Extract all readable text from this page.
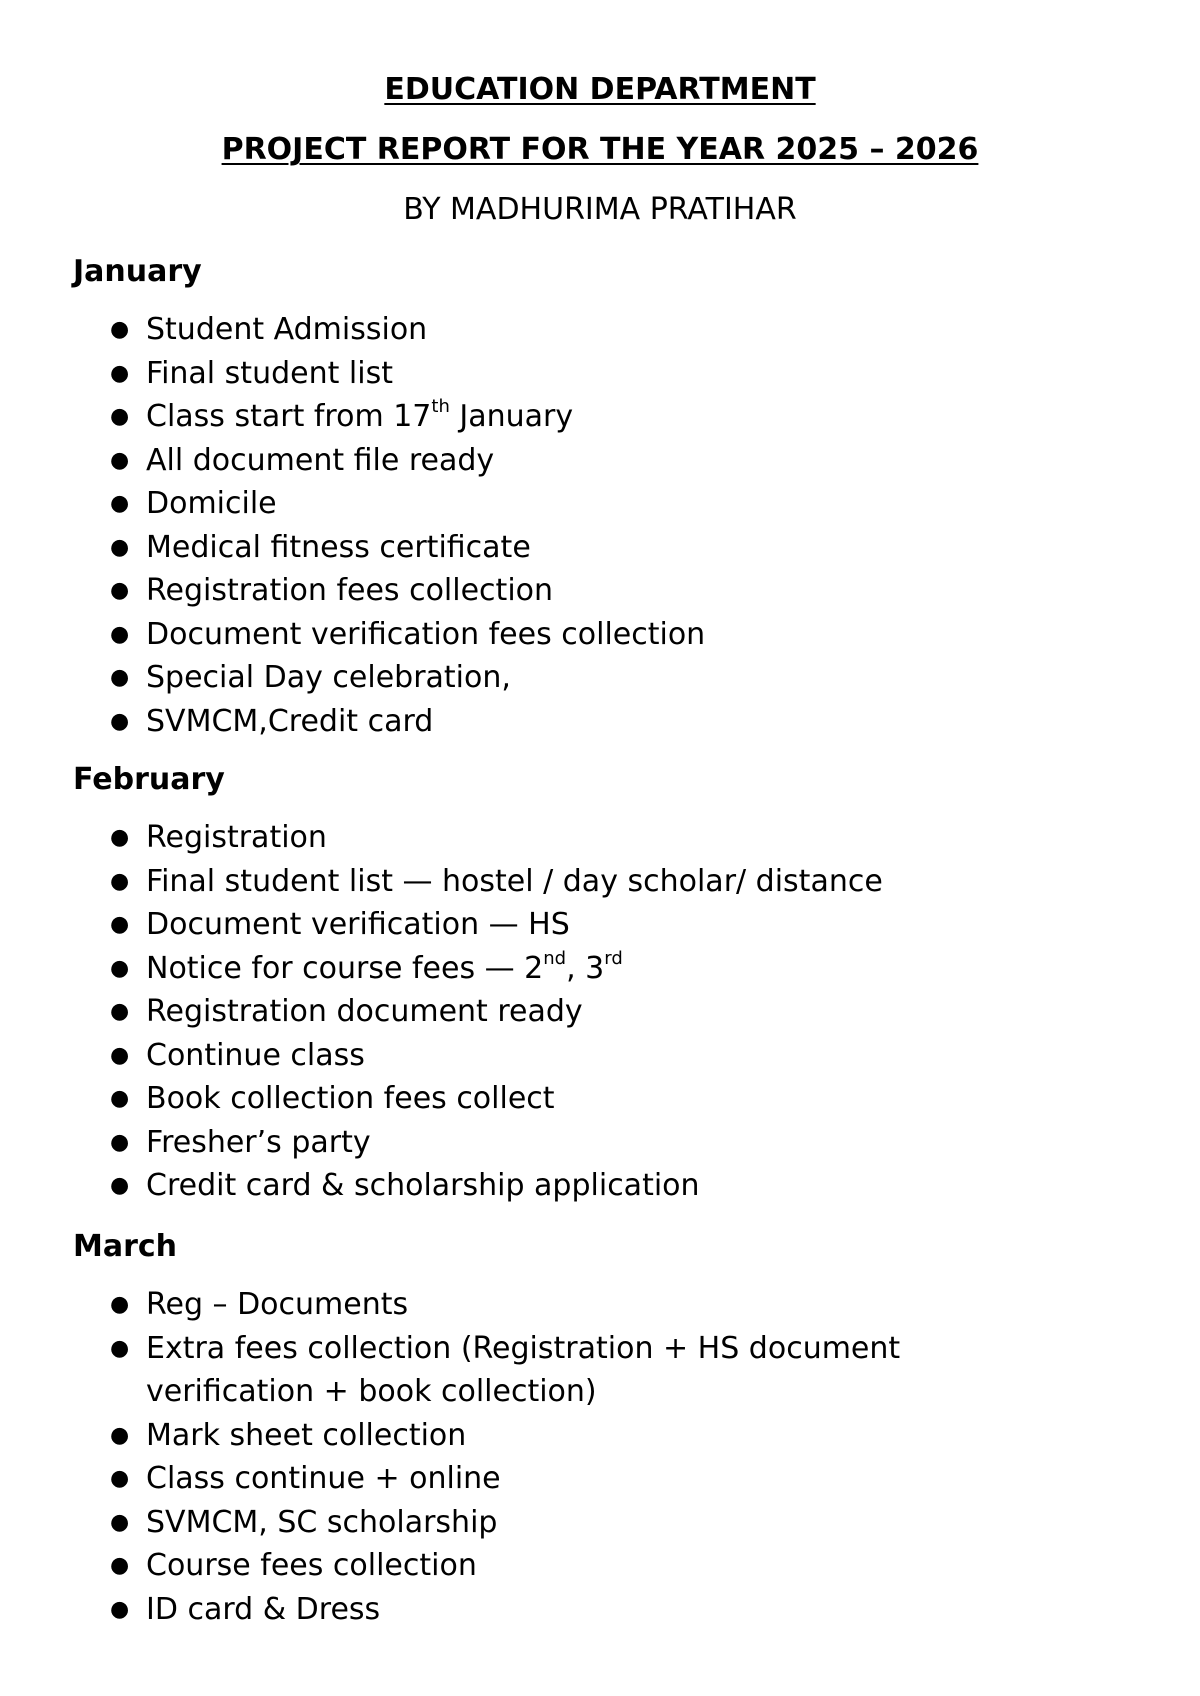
EDUCATION DEPARTMENT
PROJECT REPORT FOR THE YEAR 2025 – 2026
BY MADHURIMA PRATIHAR
January
● Student Admission
● Final student list
● Class start from 17th January
● All document file ready
● Domicile
● Medical fitness certificate
● Registration fees collection
● Document verification fees collection
● Special Day celebration,
● SVMCM,Credit card
February
● Registration
● Final student list — hostel / day scholar/ distance
● Document verification — HS
● Notice for course fees — 2nd, 3rd
● Registration document ready
● Continue class
● Book collection fees collect
● Fresher’s party
● Credit card & scholarship application
March
● Reg – Documents
● Extra fees collection (Registration + HS document verification + book collection)
● Mark sheet collection
● Class continue + online
● SVMCM, SC scholarship
● Course fees collection
● ID card & Dress
